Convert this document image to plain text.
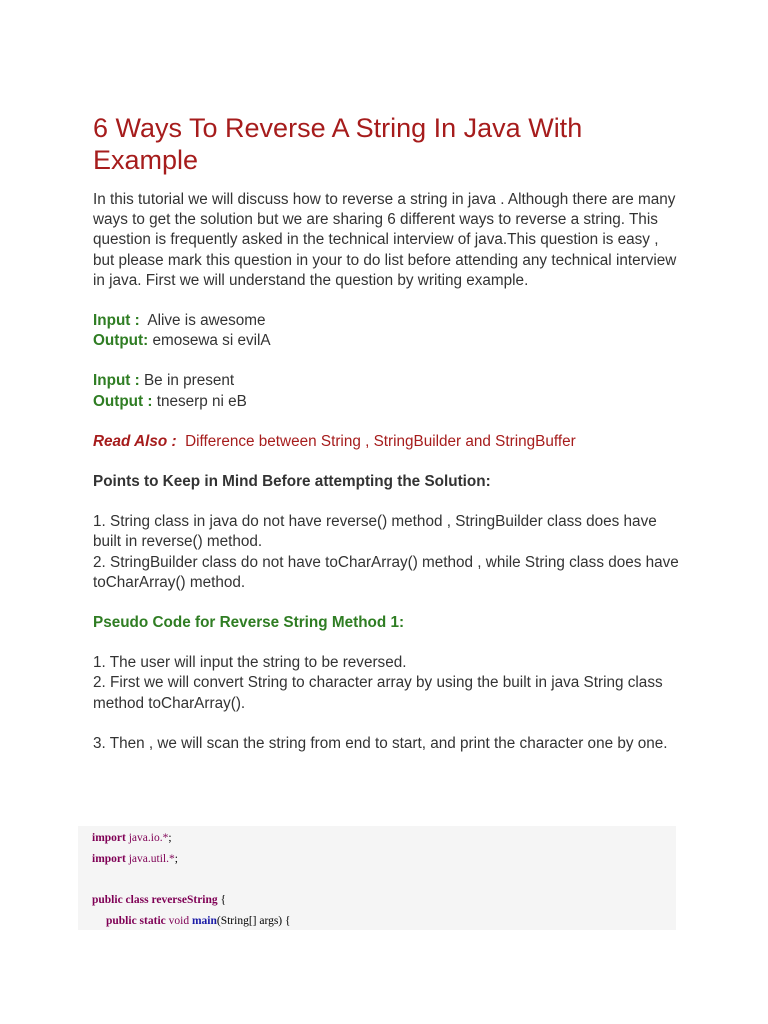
6 Ways To Reverse A String In Java With Example

In this tutorial we will discuss how to reverse a string in java . Although there are many ways to get the solution but we are sharing 6 different ways to reverse a string. This question is frequently asked in the technical interview of java.This question is easy , but please mark this question in your to do list before attending any technical interview in java. First we will understand the question by writing example.

Input :  Alive is awesome
Output: emosewa si evilA
Input : Be in present
Output : tneserp ni eB
Read Also : Difference between String , StringBuilder and StringBuffer
Points to Keep in Mind Before attempting the Solution:
1. String class in java do not have reverse() method , StringBuilder class does have built in reverse() method.
2. StringBuilder class do not have toCharArray() method , while String class does have toCharArray() method.
Pseudo Code for Reverse String Method 1:
1. The user will input the string to be reversed.
2. First we will convert String to character array by using the built in java String class method toCharArray().
3. Then , we will scan the string from end to start, and print the character one by one.
import java.io.*;
import java.util.*;
public class reverseString {
public static void main(String[] args) {
